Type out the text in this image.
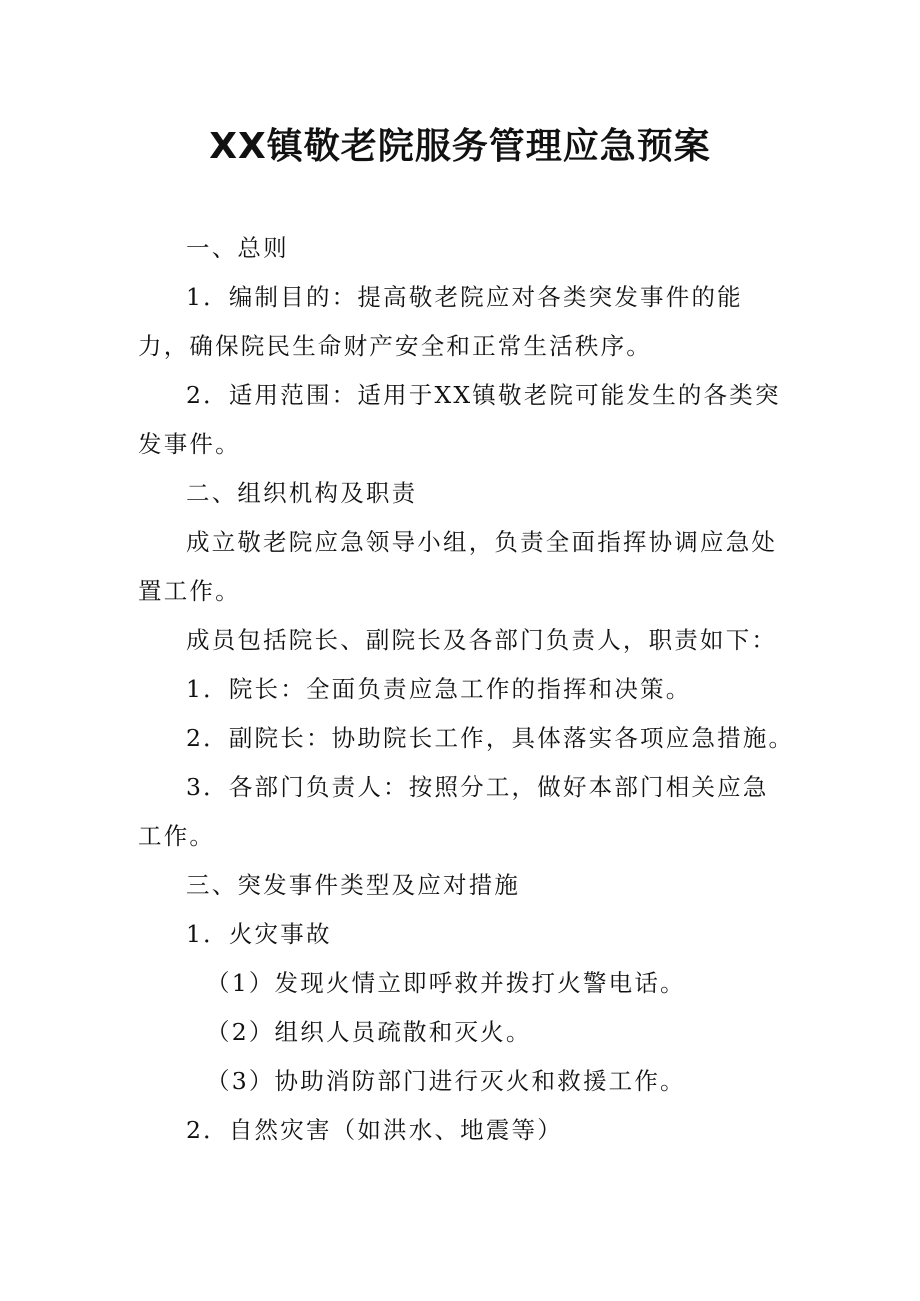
XX镇敬老院服务管理应急预案

一、总则

1．编制目的：提高敬老院应对各类突发事件的能力，确保院民生命财产安全和正常生活秩序。

2．适用范围：适用于XX镇敬老院可能发生的各类突发事件。

二、组织机构及职责

成立敬老院应急领导小组，负责全面指挥协调应急处置工作。

成员包括院长、副院长及各部门负责人，职责如下：

1．院长：全面负责应急工作的指挥和决策。

2．副院长：协助院长工作，具体落实各项应急措施。

3．各部门负责人：按照分工，做好本部门相关应急工作。

三、突发事件类型及应对措施

1．火灾事故

（1）发现火情立即呼救并拨打火警电话。

（2）组织人员疏散和灭火。

（3）协助消防部门进行灭火和救援工作。

2．自然灾害（如洪水、地震等）
